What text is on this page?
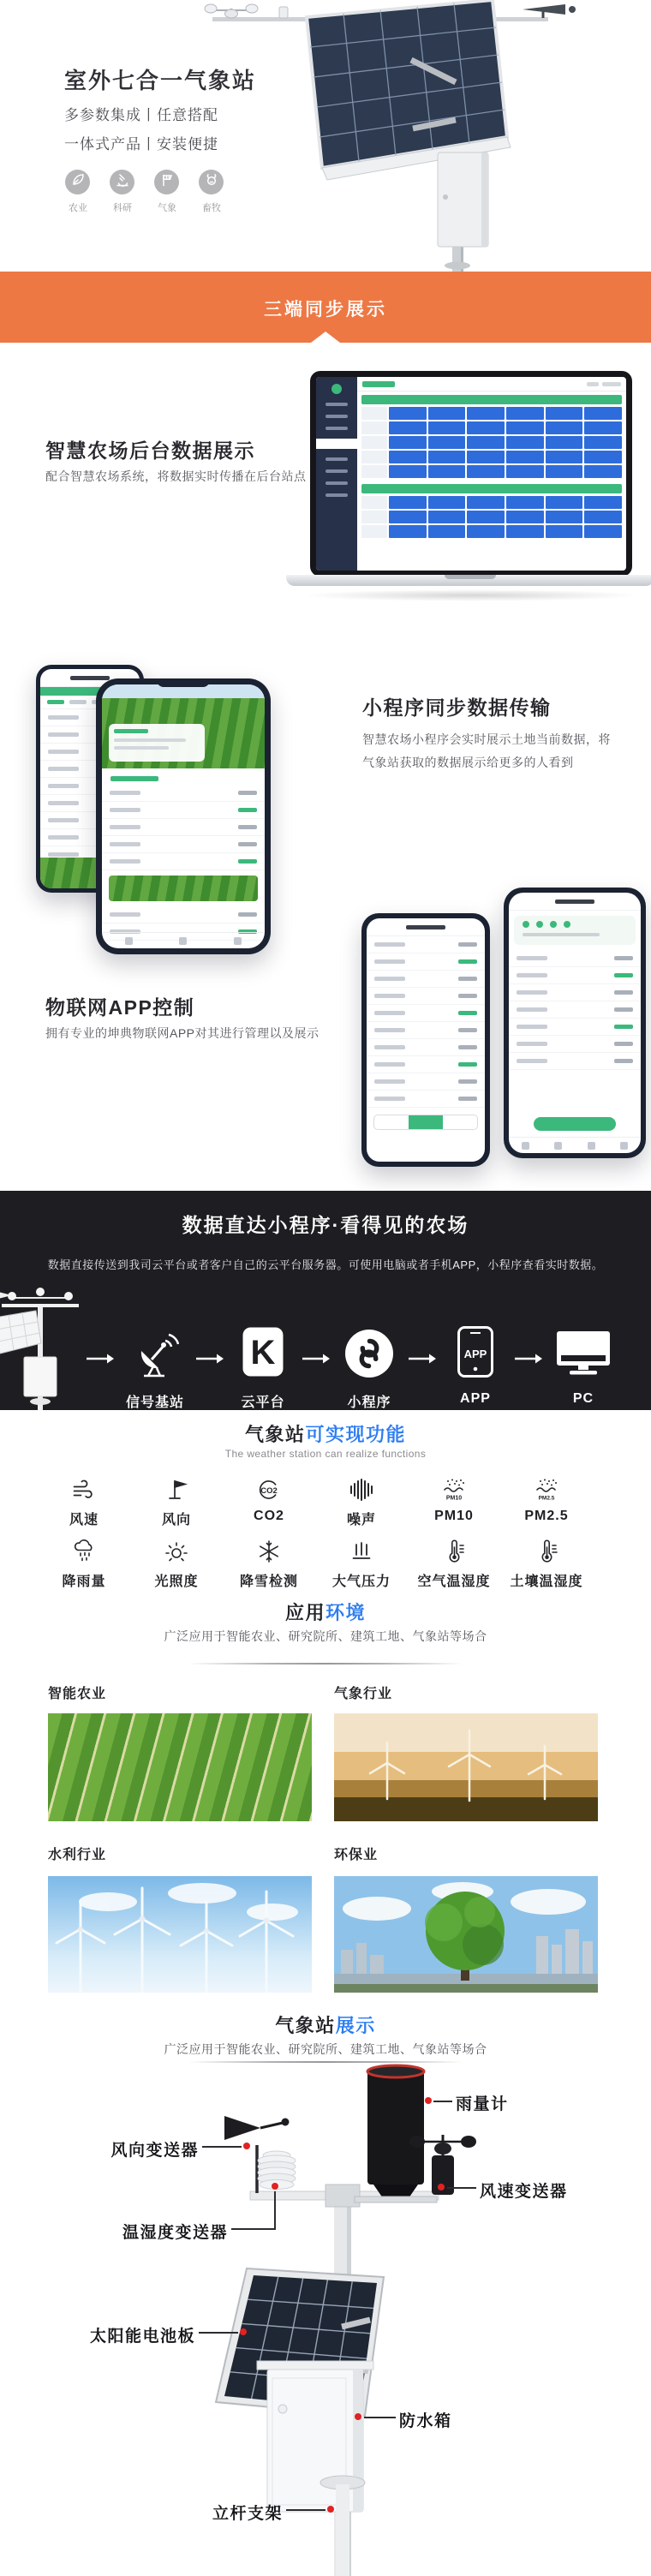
室外七合一气象站
多参数集成丨任意搭配
一体式产品丨安装便捷
农业	科研	气象	畜牧
三端同步展示
智慧农场后台数据展示
配合智慧农场系统，将数据实时传播在后台站点
小程序同步数据传输
智慧农场小程序会实时展示土地当前数据，将气象站获取的数据展示给更多的人看到
物联网APP控制
拥有专业的坤典物联网APP对其进行管理以及展示
数据直达小程序·看得见的农场
数据直接传送到我司云平台或者客户自己的云平台服务器。可使用电脑或者手机APP，小程序查看实时数据。
信号基站
K
云平台	小程序
APP
APP	PC
气象站可实现功能
The weather station can realize functions
风速	风向
CO2
CO2	噪声
PM10
PM10
PM2.5
PM2.5
降雨量	光照度	降雪检测	大气压力	空气温湿度	土壤温湿度
应用环境
广泛应用于智能农业、研究院所、建筑工地、气象站等场合
智能农业	气象行业
水利行业	环保业
气象站展示
广泛应用于智能农业、研究院所、建筑工地、气象站等场合
雨量计
风向变送器
风速变送器
温湿度变送器
太阳能电池板
防水箱
立杆支架
